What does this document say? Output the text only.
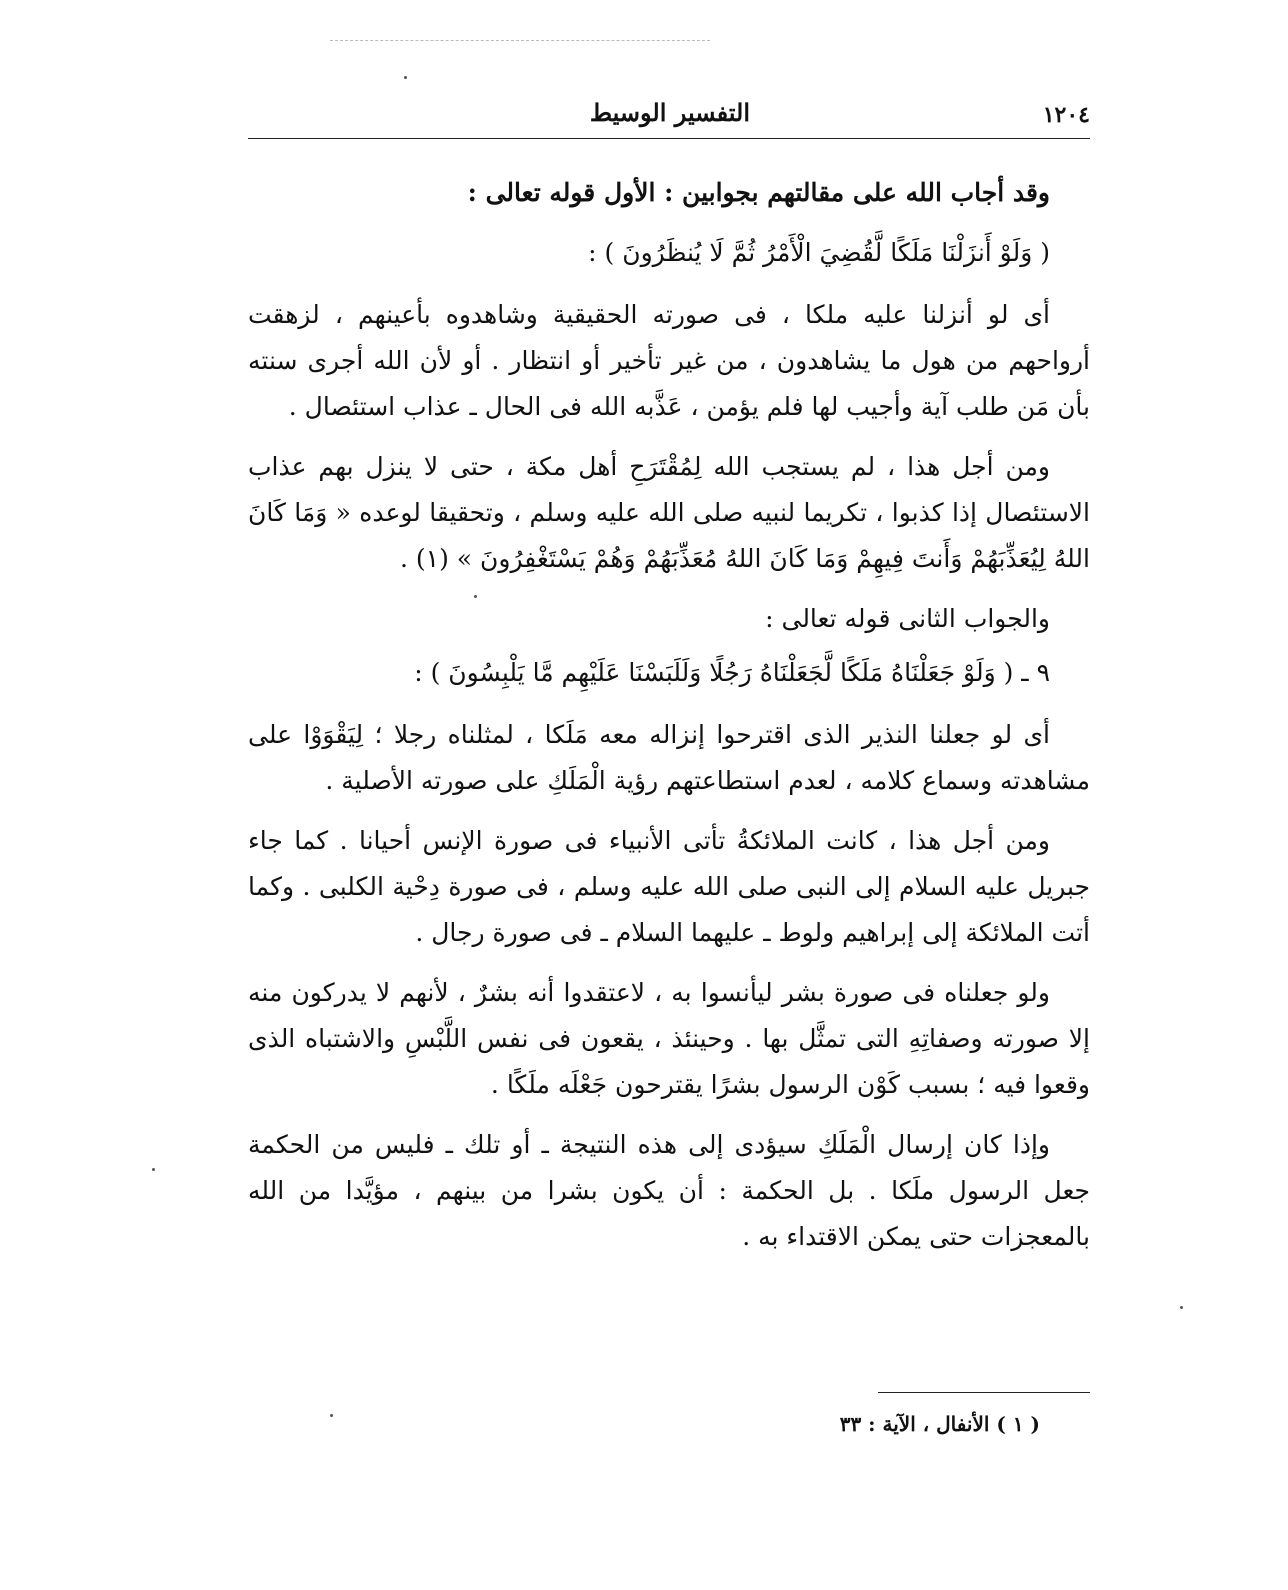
١٢٠٤
التفسير الوسيط

وقد أجاب الله على مقالتهم بجوابين : الأول قوله تعالى :

( وَلَوْ أَنزَلْنَا مَلَكًا لَّقُضِيَ الْأَمْرُ ثُمَّ لَا يُنظَرُونَ ) :

أى لو أنزلنا عليه ملكا ، فى صورته الحقيقية وشاهدوه بأعينهم ، لزهقت أرواحهم من هول ما يشاهدون ، من غير تأخير أو انتظار . أو لأن الله أجرى سنته بأن مَن طلب آية وأجيب لها فلم يؤمن ، عَذَّبه الله فى الحال ـ عذاب استئصال .

ومن أجل هذا ، لم يستجب الله لِمُقْتَرَحِ أهل مكة ، حتى لا ينزل بهم عذاب الاستئصال إذا كذبوا ، تكريما لنبيه صلى الله عليه وسلم ، وتحقيقا لوعده « وَمَا كَانَ اللهُ لِيُعَذِّبَهُمْ وَأَنتَ فِيهِمْ وَمَا كَانَ اللهُ مُعَذِّبَهُمْ وَهُمْ يَسْتَغْفِرُونَ » (١) .

والجواب الثانى قوله تعالى :

٩ ـ ( وَلَوْ جَعَلْنَاهُ مَلَكًا لَّجَعَلْنَاهُ رَجُلًا وَلَلَبَسْنَا عَلَيْهِم مَّا يَلْبِسُونَ ) :

أى لو جعلنا النذير الذى اقترحوا إنزاله معه مَلَكا ، لمثلناه رجلا ؛ لِيَقْوَوْا على مشاهدته وسماع كلامه ، لعدم استطاعتهم رؤية الْمَلَكِ على صورته الأصلية .

ومن أجل هذا ، كانت الملائكةُ تأتى الأنبياء فى صورة الإنس أحيانا . كما جاء جبريل عليه السلام إلى النبى صلى الله عليه وسلم ، فى صورة دِحْية الكلبى . وكما أتت الملائكة إلى إبراهيم ولوط ـ عليهما السلام ـ فى صورة رجال .

ولو جعلناه فى صورة بشر ليأنسوا به ، لاعتقدوا أنه بشرٌ ، لأنهم لا يدركون منه إلا صورته وصفاتِهِ التى تمثَّل بها . وحينئذ ، يقعون فى نفس اللَّبْسِ والاشتباه الذى وقعوا فيه ؛ بسبب كَوْن الرسول بشرًا يقترحون جَعْلَه ملَكًا .

وإذا كان إرسال الْمَلَكِ سيؤدى إلى هذه النتيجة ـ أو تلك ـ فليس من الحكمة جعل الرسول ملَكا . بل الحكمة : أن يكون بشرا من بينهم ، مؤيَّدا من الله بالمعجزات حتى يمكن الاقتداء به .

( ١ ) الأنفال ، الآية : ٣٣
